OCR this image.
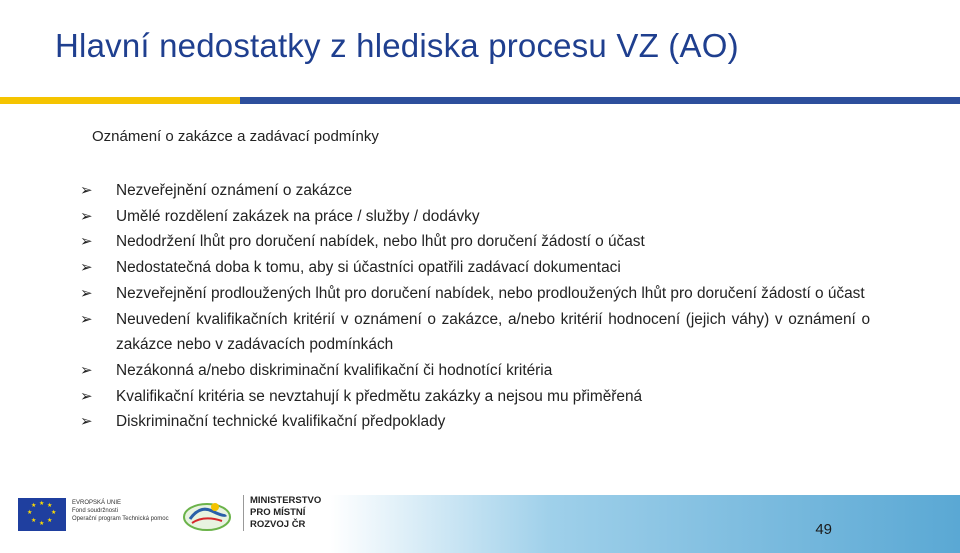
Hlavní nedostatky z hlediska procesu VZ (AO)
Oznámení o zakázce a zadávací podmínky
➢	Nezveřejnění oznámení o zakázce
➢	Umělé rozdělení zakázek na práce / služby / dodávky
➢	Nedodržení lhůt pro doručení nabídek, nebo lhůt pro doručení žádostí o účast
➢	Nedostatečná doba k tomu, aby si účastníci opatřili zadávací dokumentaci
➢	Nezveřejnění prodloužených lhůt pro doručení nabídek, nebo prodloužených lhůt pro doručení žádostí o účast
➢	Neuvedení kvalifikačních kritérií v oznámení o zakázce, a/nebo kritérií hodnocení (jejich váhy) v oznámení o zakázce nebo v zadávacích podmínkách
➢	Nezákonná a/nebo diskriminační kvalifikační či hodnotící kritéria
➢	Kvalifikační kritéria se nevztahují k předmětu zakázky a nejsou mu přiměřená
➢	Diskriminační technické kvalifikační předpoklady
★ ★
★
★
★
★
★
★	EVROPSKÁ UNIE
Fond soudržnosti
Operační program Technická pomoc
MINISTERSTVO
PRO MÍSTNÍ
ROZVOJ ČR	49
